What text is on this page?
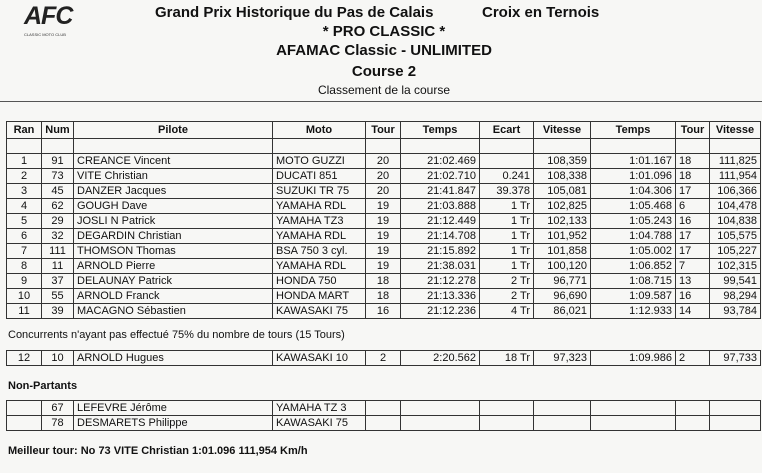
AFC
CLASSIC MOTO CLUB
Grand Prix Historique du Pas de Calais	Croix en Ternois
* PRO CLASSIC *
AFAMAC Classic - UNLIMITED
Course 2
Classement de la course
Ran	Num	Pilote	Moto	Tour	Temps	Ecart	Vitesse	Temps	Tour	Vitesse

1	91	CREANCE Vincent	MOTO GUZZI	20	21:02.469		108,359	1:01.167	18	111,825
2	73	VITE Christian	DUCATI 851	20	21:02.710	0.241	108,338	1:01.096	18	111,954
3	45	DANZER Jacques	SUZUKI TR 75	20	21:41.847	39.378	105,081	1:04.306	17	106,366
4	62	GOUGH Dave	YAMAHA RDL	19	21:03.888	1 Tr	102,825	1:05.468	6	104,478
5	29	JOSLI N Patrick	YAMAHA TZ3	19	21:12.449	1 Tr	102,133	1:05.243	16	104,838
6	32	DEGARDIN Christian	YAMAHA RDL	19	21:14.708	1 Tr	101,952	1:04.788	17	105,575
7	111	THOMSON Thomas	BSA 750 3 cyl.	19	21:15.892	1 Tr	101,858	1:05.002	17	105,227
8	11	ARNOLD Pierre	YAMAHA RDL	19	21:38.031	1 Tr	100,120	1:06.852	7	102,315
9	37	DELAUNAY Patrick	HONDA 750	18	21:12.278	2 Tr	96,771	1:08.715	13	99,541
10	55	ARNOLD Franck	HONDA MART	18	21:13.336	2 Tr	96,690	1:09.587	16	98,294
11	39	MACAGNO Sébastien	KAWASAKI 75	16	21:12.236	4 Tr	86,021	1:12.933	14	93,784
Concurrents n'ayant pas effectué 75% du nombre de tours (15 Tours)
12	10	ARNOLD Hugues	KAWASAKI 10	2	2:20.562	18 Tr	97,323	1:09.986	2	97,733
Non-Partants
	67	LEFEVRE Jérôme	YAMAHA TZ 3							
	78	DESMARETS Philippe	KAWASAKI 75							
Meilleur tour: No 73 VITE Christian 1:01.096 111,954 Km/h
